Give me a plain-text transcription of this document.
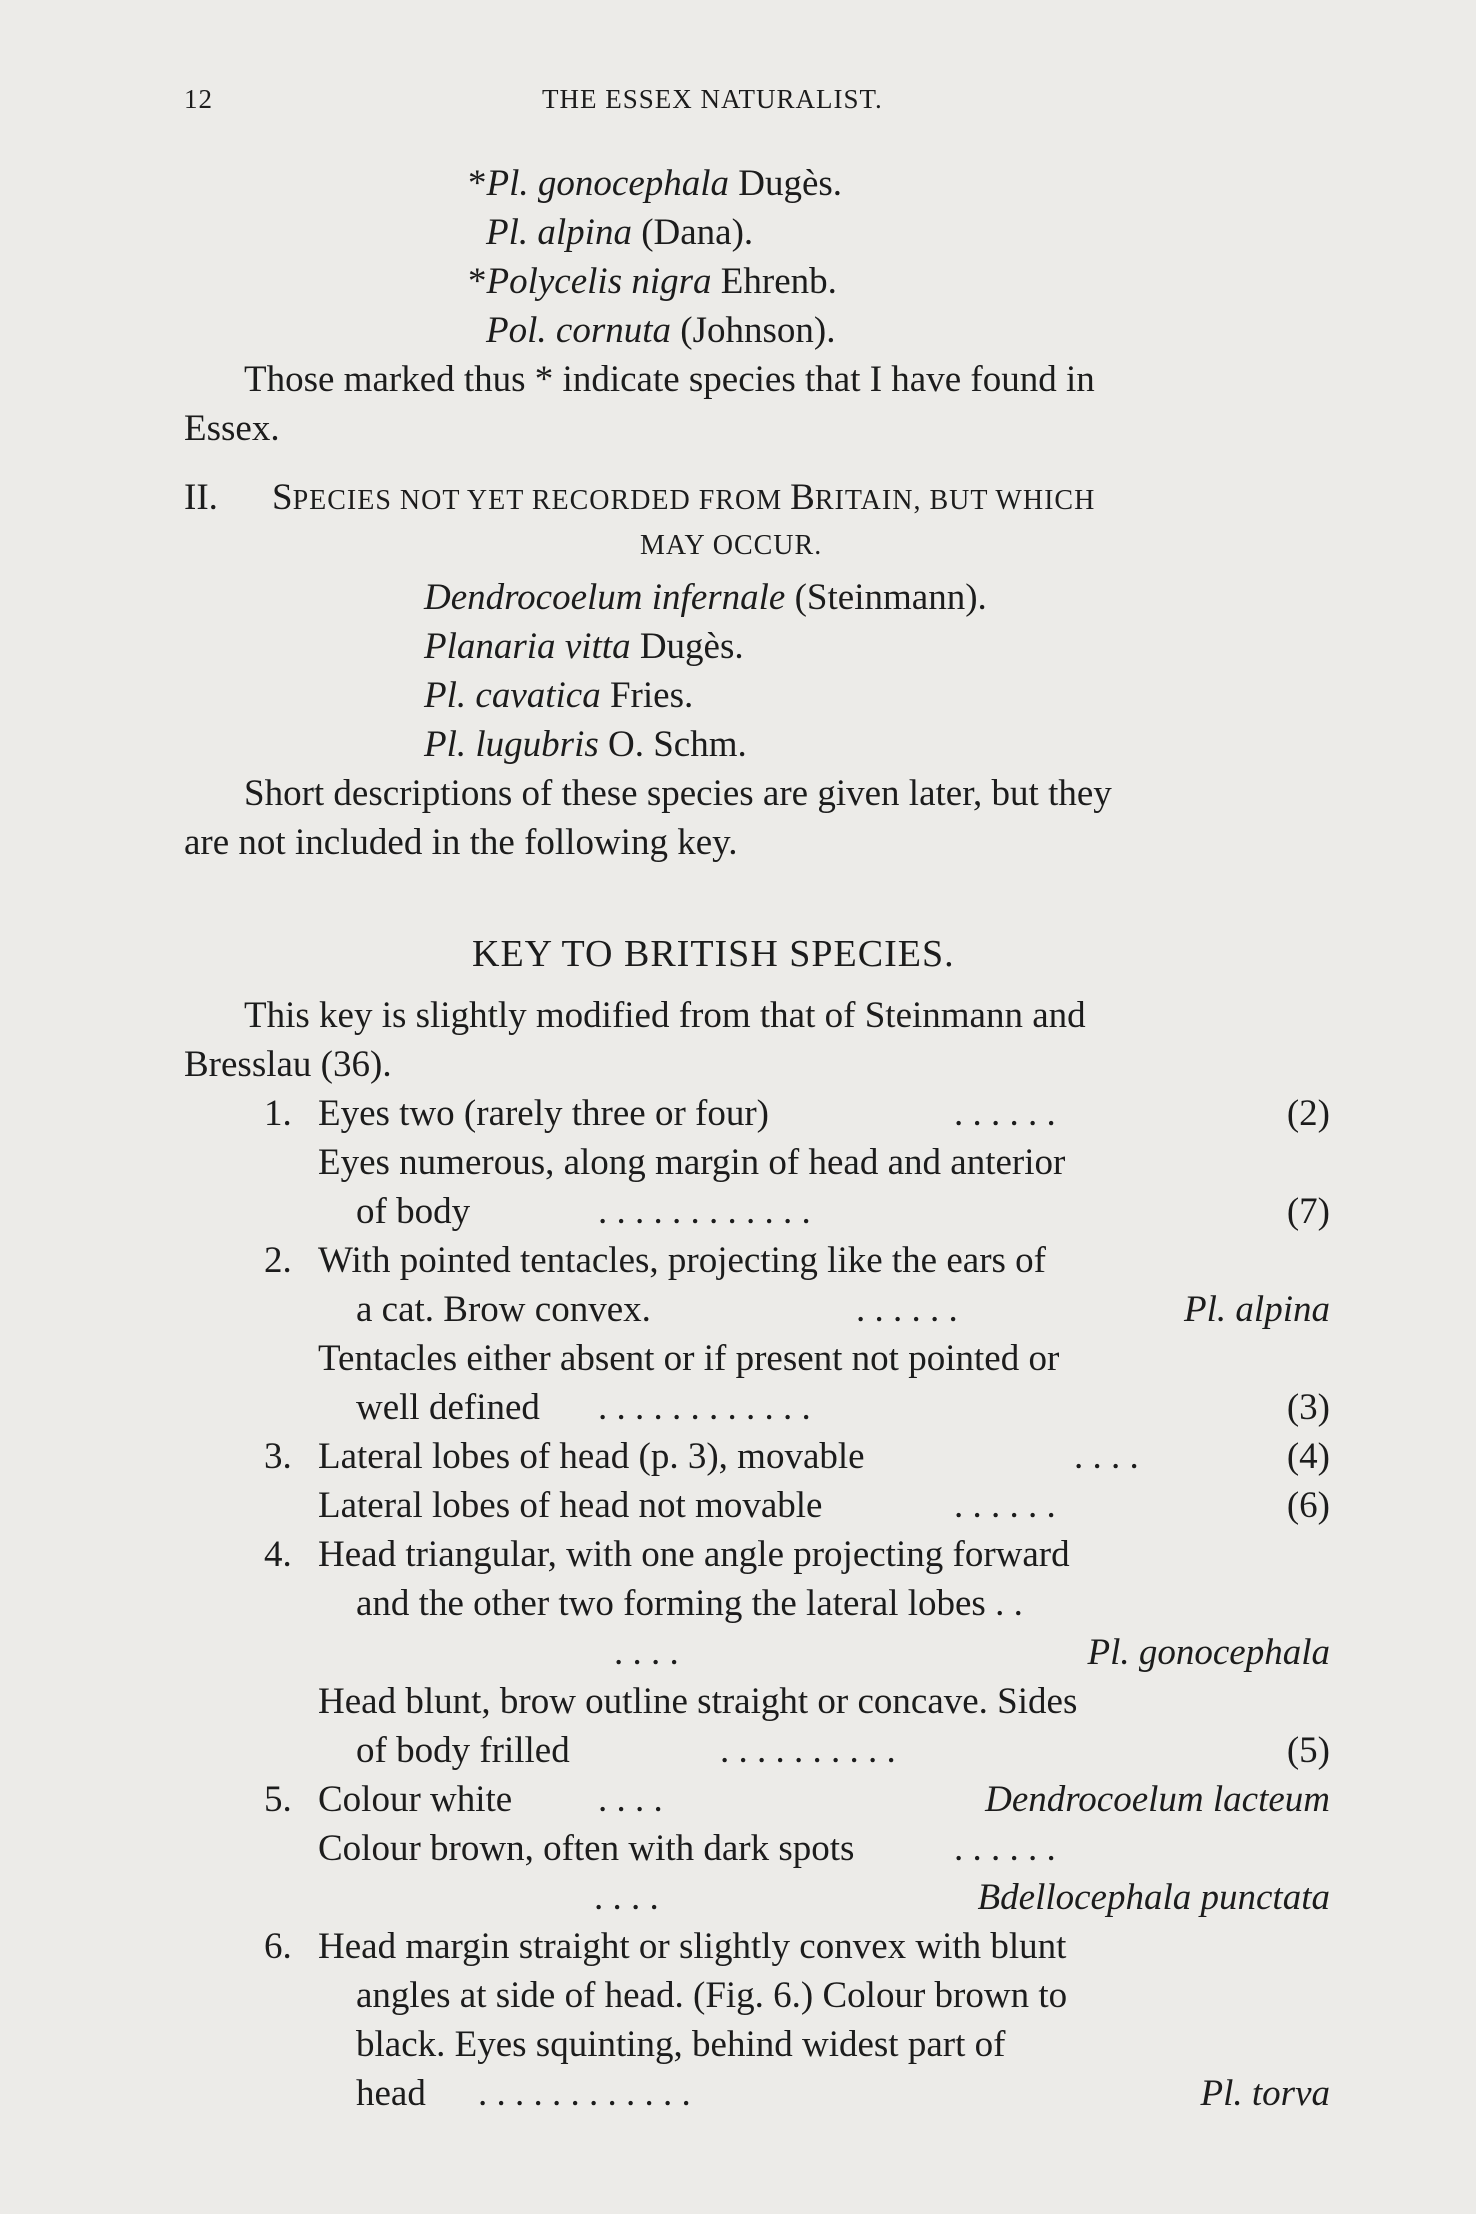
12	THE ESSEX NATURALIST.
*Pl. gonocephala Dugès.
Pl. alpina (Dana).
*Polycelis nigra Ehrenb.
Pol. cornuta (Johnson).
Those marked thus * indicate species that I have found in
Essex.
II. SPECIES NOT YET RECORDED FROM BRITAIN, BUT WHICH
MAY OCCUR.
Dendrocoelum infernale (Steinmann).
Planaria vitta Dugès.
Pl. cavatica Fries.
Pl. lugubris O. Schm.
Short descriptions of these species are given later, but they
are not included in the following key.
KEY TO BRITISH SPECIES.
This key is slightly modified from that of Steinmann and
Bresslau (36).
1. Eyes two (rarely three or four)	. . . . . .	(2)
Eyes numerous, along margin of head and anterior
of body	. . . . . . . . . . . .	(7)
2. With pointed tentacles, projecting like the ears of
a cat. Brow convex.	. . . . . .	Pl. alpina
Tentacles either absent or if present not pointed or
well defined . . . . . . . . . . . .	(3)
3. Lateral lobes of head (p. 3), movable	. . . .	(4)
Lateral lobes of head not movable	. . . . . .	(6)
4. Head triangular, with one angle projecting forward
and the other two forming the lateral lobes . .
. . . .	Pl. gonocephala
Head blunt, brow outline straight or concave. Sides
of body frilled	. . . . . . . . . .	(5)
5. Colour white . . . .	Dendrocoelum lacteum
Colour brown, often with dark spots	. . . . . .
. . . .	Bdellocephala punctata
6. Head margin straight or slightly convex with blunt
angles at side of head. (Fig. 6.) Colour brown to
black. Eyes squinting, behind widest part of
head . . . . . . . . . . . .	Pl. torva
